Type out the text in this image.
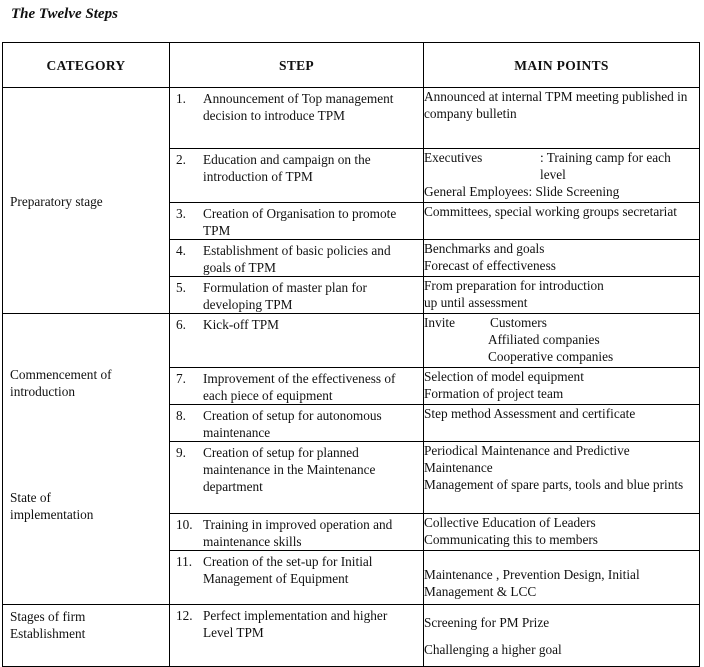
The Twelve Steps
CATEGORY	STEP	MAIN POINTS

Preparatory stage	1. Announcement of Top management decision to introduce TPM	Announced at internal TPM meeting published in company bulletin

	2. Education and campaign on the introduction of TPM	Executives : Training camp for each level
General Employees: Slide Screening

	3. Creation of Organisation to promote TPM	Committees, special working groups secretariat

	4. Establishment of basic policies and goals of TPM	Benchmarks and goals
Forecast of effectiveness

	5. Formulation of master plan for developing TPM	From preparation for introduction
up until assessment

Commencement of introduction
State of implementation	6. Kick-off TPM	Invite Customers
Affiliated companies
Cooperative companies

	7. Improvement of the effectiveness of each piece of equipment	Selection of model equipment
Formation of project team

	8. Creation of setup for autonomous maintenance	Step method Assessment and certificate

	9. Creation of setup for planned maintenance in the Maintenance department	Periodical Maintenance and Predictive Maintenance
Management of spare parts, tools and blue prints

	10. Training in improved operation and maintenance skills	Collective Education of Leaders
Communicating this to members

	11. Creation of the set-up for Initial Management of Equipment	Maintenance , Prevention Design, Initial Management & LCC

Stages of firm Establishment	12. Perfect implementation and higher Level TPM	Screening for PM Prize
Challenging a higher goal
